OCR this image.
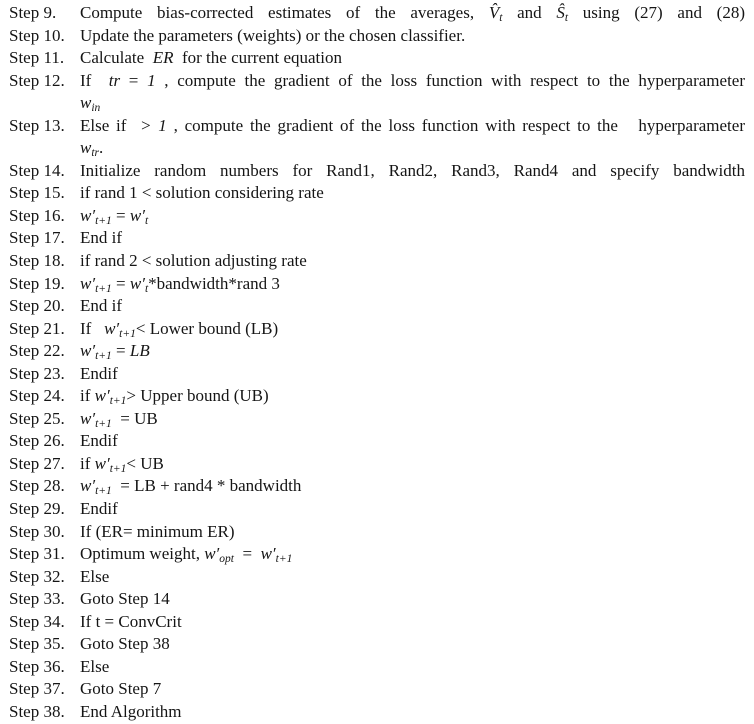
Step 9.	Compute bias-corrected estimates of the averages, $V̂_t$ and $Ŝ_t$ using (27) and (28)
Step 10. Update the parameters (weights) or the chosen classifier.
Step 11. Calculate  ER  for the current equation
Step 12. If  tr = 1 , compute the gradient of the loss function with respect to the hyperparameter
$w_{in}$
Step 13. Else if  > 1 , compute the gradient of the loss function with respect to the   hyperparameter
$w_{tr}$.
Step 14. Initialize random numbers for Rand1, Rand2, Rand3, Rand4 and specify bandwidth
Step 15. if rand 1 < solution considering rate
Step 16. $w'_{t+1} = w'_t$
Step 17. End if
Step 18. if rand 2 < solution adjusting rate
Step 19. $w'_{t+1}$ = $w'_t*bandwidth*rand$ 3
Step 20. End if
Step 21. If   $w'_{t+1}<$ Lower bound (LB)
Step 22. $w'_{t+1}$ = LB
Step 23. Endif
Step 24. if $w'_{t+1}>$ Upper bound (UB)
Step 25. $w'_{t+1}$  = UB
Step 26. Endif
Step 27. if $w'_{t+1}<$ UB
Step 28. $w'_{t+1}$  = LB + rand4 * bandwidth
Step 29. Endif
Step 30. If (ER= minimum ER)
Step 31. Optimum weight, $w'_{opt} = w'_{t+1}$
Step 32. Else
Step 33. Goto Step 14
Step 34. If t = ConvCrit
Step 35. Goto Step 38
Step 36. Else
Step 37. Goto Step 7
Step 38. End Algorithm
